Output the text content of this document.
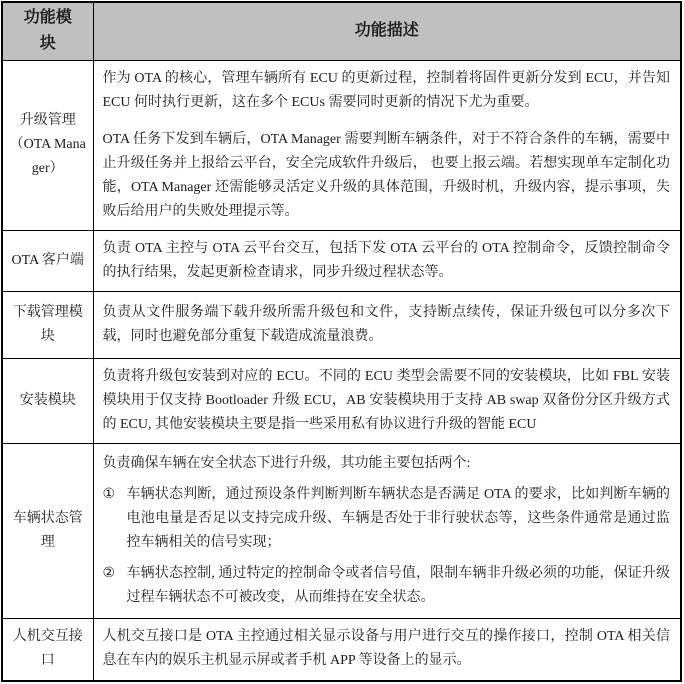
功能模块	功能描述
升级管理（OTA Manager）	作为 OTA 的核心，管理车辆所有 ECU 的更新过程，控制着将固件更新分发到 ECU，并告知 ECU 何时执行更新，这在多个 ECUs 需要同时更新的情况下尤为重要。

OTA 任务下发到车辆后，OTA Manager 需要判断车辆条件，对于不符合条件的车辆，需要中止升级任务并上报给云平台，安全完成软件升级后， 也要上报云端。若想实现单车定制化功能，OTA Manager 还需能够灵活定义升级的具体范围，升级时机，升级内容，提示事项，失败后给用户的失败处理提示等。

OTA 客户端	负责 OTA 主控与 OTA 云平台交互，包括下发 OTA 云平台的 OTA 控制命令，反馈控制命令的执行结果，发起更新检查请求，同步升级过程状态等。

下载管理模块	负责从文件服务端下载升级所需升级包和文件，支持断点续传，保证升级包可以分多次下载，同时也避免部分重复下载造成流量浪费。

安装模块	负责将升级包安装到对应的 ECU。不同的 ECU 类型会需要不同的安装模块，比如 FBL 安装模块用于仅支持 Bootloader 升级 ECU，AB 安装模块用于支持 AB swap 双备份分区升级方式的 ECU, 其他安装模块主要是指一些采用私有协议进行升级的智能 ECU

车辆状态管理	负责确保车辆在安全状态下进行升级，其功能主要包括两个:

① 车辆状态判断，通过预设条件判断判断车辆状态是否满足 OTA 的要求，比如判断车辆的电池电量是否足以支持完成升级、车辆是否处于非行驶状态等，这些条件通常是通过监控车辆相关的信号实现；
② 车辆状态控制, 通过特定的控制命令或者信号值，限制车辆非升级必须的功能，保证升级过程车辆状态不可被改变，从而维持在安全状态。

人机交互接口	人机交互接口是 OTA 主控通过相关显示设备与用户进行交互的操作接口，控制 OTA 相关信息在车内的娱乐主机显示屏或者手机 APP 等设备上的显示。
